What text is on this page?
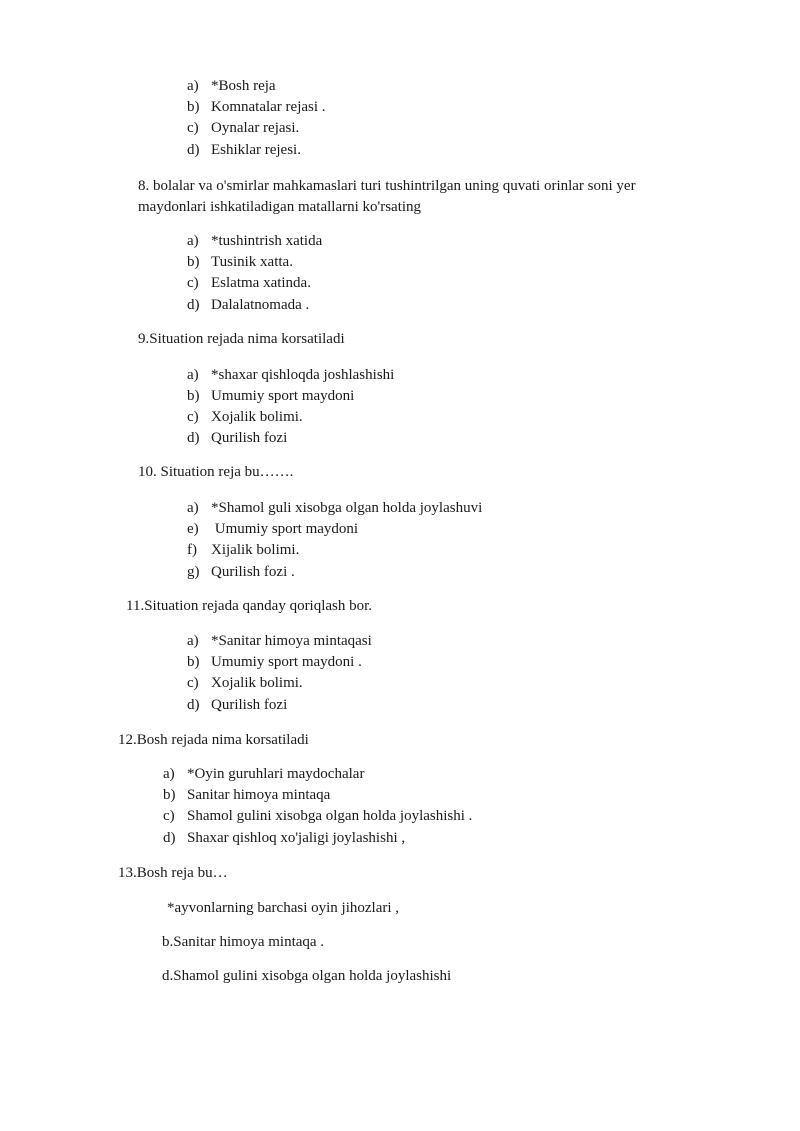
a) *Bosh reja
b) Komnatalar rejasi .
c) Oynalar rejasi.
d) Eshiklar rejesi.
8. bolalar va o'smirlar mahkamaslari turi tushintrilgan uning quvati orinlar soni yer
maydonlari ishkatiladigan matallarni ko'rsating
a) *tushintrish xatida
b) Tusinik xatta.
c) Eslatma xatinda.
d) Dalalatnomada .
9.Situation rejada nima korsatiladi
a) *shaxar qishloqda joshlashishi
b) Umumiy sport maydoni
c) Xojalik bolimi.
d) Qurilish fozi
10. Situation reja bu…….
a) *Shamol guli xisobga olgan holda joylashuvi
e) Umumiy sport maydoni
f) Xijalik bolimi.
g) Qurilish fozi .
11.Situation rejada qanday qoriqlash bor.
a) *Sanitar himoya mintaqasi
b) Umumiy sport maydoni .
c) Xojalik bolimi.
d) Qurilish fozi
12.Bosh rejada nima korsatiladi
a) *Oyin guruhlari maydochalar
b) Sanitar himoya mintaqa
c) Shamol gulini xisobga olgan holda joylashishi .
d) Shaxar qishloq xo'jaligi joylashishi ,
13.Bosh reja bu…
*ayvonlarning barchasi oyin jihozlari ,
b.Sanitar himoya mintaqa .
d.Shamol gulini xisobga olgan holda joylashishi
